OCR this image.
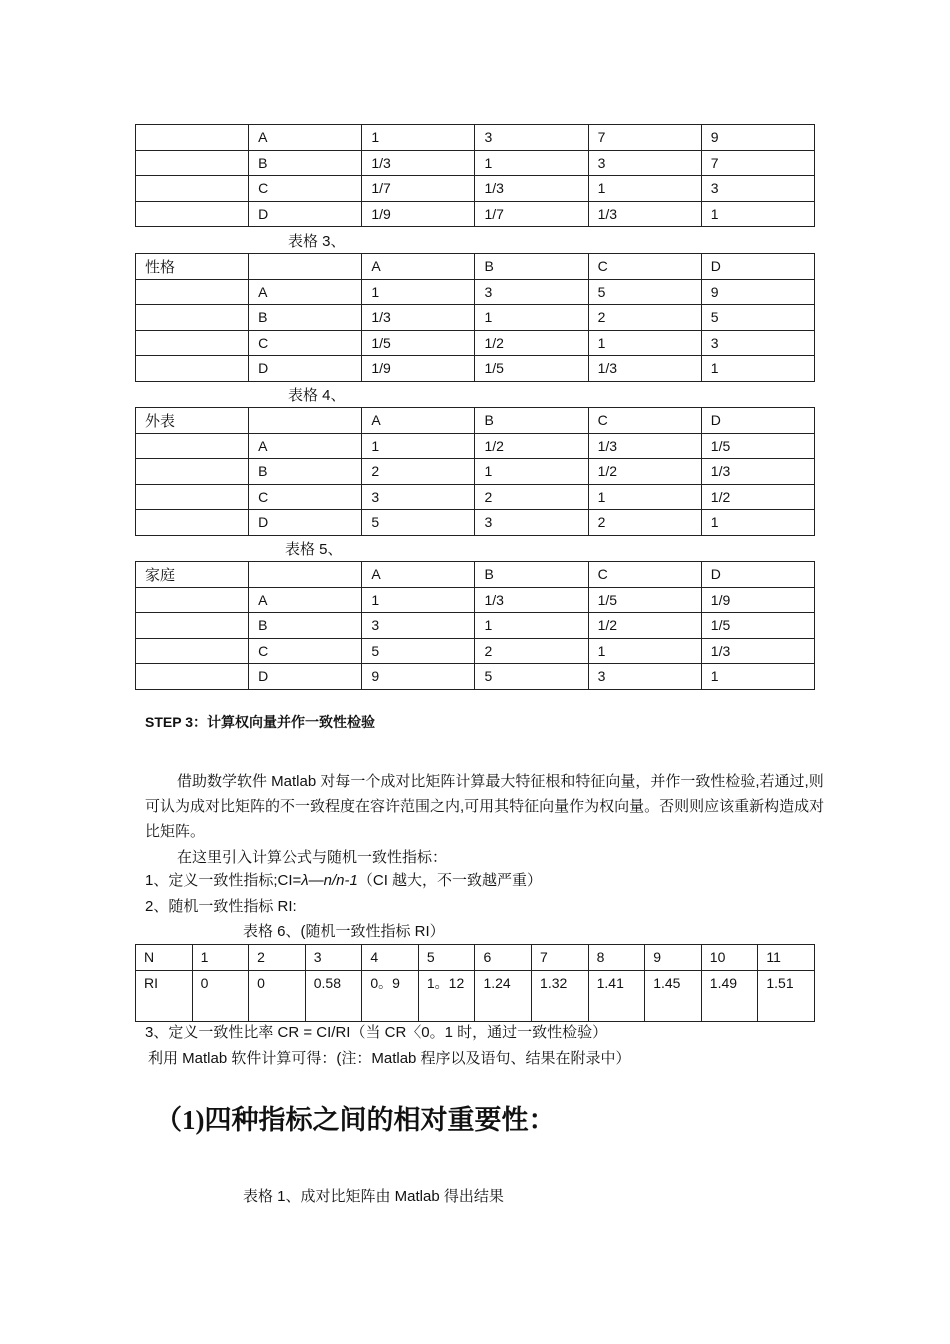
	A	1	3	7	9
	B	1/3	1	3	7
	C	1/7	1/3	1	3
	D	1/9	1/7	1/3	1
表格 3、
性格		A	B	C	D
	A	1	3	5	9
	B	1/3	1	2	5
	C	1/5	1/2	1	3
	D	1/9	1/5	1/3	1
表格 4、
外表		A	B	C	D
	A	1	1/2	1/3	1/5
	B	2	1	1/2	1/3
	C	3	2	1	1/2
	D	5	3	2	1
表格 5、
家庭		A	B	C	D
	A	1	1/3	1/5	1/9
	B	3	1	1/2	1/5
	C	5	2	1	1/3
	D	9	5	3	1
STEP 3：计算权向量并作一致性检验
借助数学软件 Matlab 对每一个成对比矩阵计算最大特征根和特征向量，并作一致性检验,若通过,则可认为成对比矩阵的不一致程度在容许范围之内,可用其特征向量作为权向量。否则则应该重新构造成对比矩阵。
在这里引入计算公式与随机一致性指标：
1、定义一致性指标;CI=λ—n/n-1（CI 越大，不一致越严重）
2、随机一致性指标 RI:
表格 6、(随机一致性指标 RI）
N	1	2	3	4	5	6	7	8	9	10	11
RI	0	0	0.58	0。9	1。12	1.24	1.32	1.41	1.45	1.49	1.51
3、定义一致性比率 CR = CI/RI（当 CR〈0。1 时，通过一致性检验）
利用 Matlab 软件计算可得：(注：Matlab 程序以及语句、结果在附录中）
（1)四种指标之间的相对重要性：
表格 1、成对比矩阵由 Matlab 得出结果
